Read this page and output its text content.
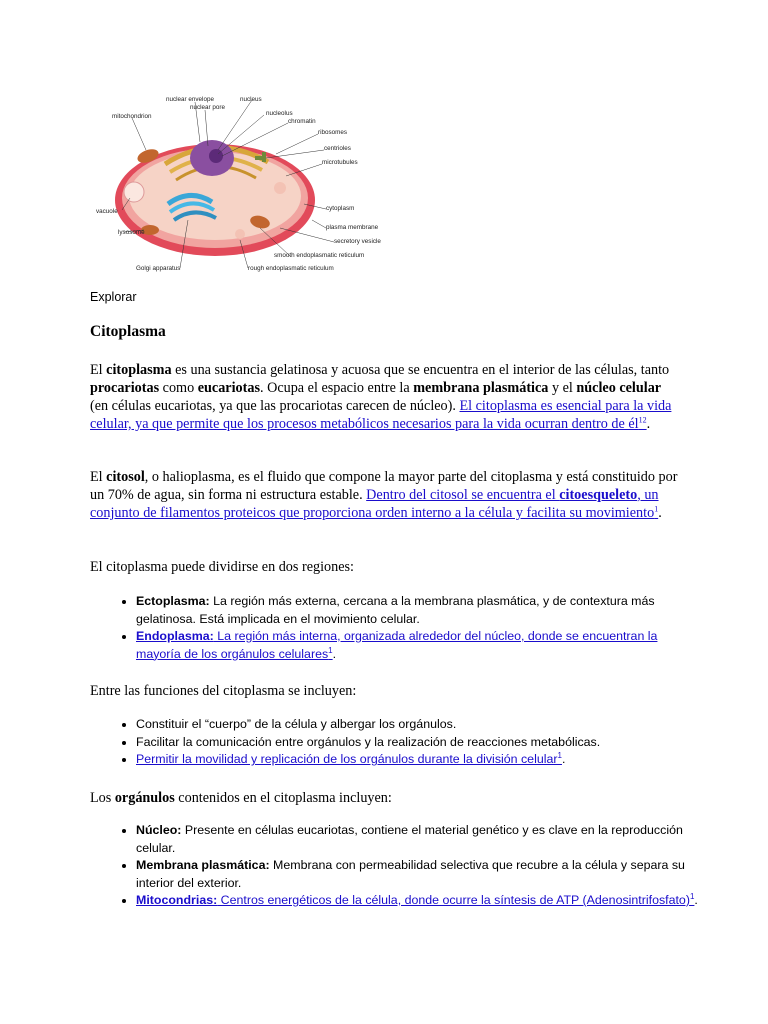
nuclear envelope	nucleus
nuclear pore
nucleolus
chromatin
mitochondrion
ribosomes
centrioles
microtubules
vacuole	cytoplasm
plasma membrane
lysosome
secretory vesicle
smooth endoplasmatic reticulum
Golgi apparatus	rough endoplasmatic reticulum
Explorar
Citoplasma

El citoplasma es una sustancia gelatinosa y acuosa que se encuentra en el interior de las células, tanto procariotas como eucariotas. Ocupa el espacio entre la membrana plasmática y el núcleo celular (en células eucariotas, ya que las procariotas carecen de núcleo). El citoplasma es esencial para la vida celular, ya que permite que los procesos metabólicos necesarios para la vida ocurran dentro de él$^{12}$.

El citosol, o halioplasma, es el fluido que compone la mayor parte del citoplasma y está constituido por un 70% de agua, sin forma ni estructura estable. Dentro del citosol se encuentra el citoesqueleto, un conjunto de filamentos proteicos que proporciona orden interno a la célula y facilita su movimiento$^1$.

El citoplasma puede dividirse en dos regiones:

• Ectoplasma: La región más externa, cercana a la membrana plasmática, y de contextura más gelatinosa. Está implicada en el movimiento celular.
• Endoplasma: La región más interna, organizada alrededor del núcleo, donde se encuentran la mayoría de los orgánulos celulares$^1$.

Entre las funciones del citoplasma se incluyen:

• Constituir el “cuerpo” de la célula y albergar los orgánulos.
• Facilitar la comunicación entre orgánulos y la realización de reacciones metabólicas.
• Permitir la movilidad y replicación de los orgánulos durante la división celular$^1$.

Los orgánulos contenidos en el citoplasma incluyen:

• Núcleo: Presente en células eucariotas, contiene el material genético y es clave en la reproducción celular.
• Membrana plasmática: Membrana con permeabilidad selectiva que recubre a la célula y separa su interior del exterior.
• Mitocondrias: Centros energéticos de la célula, donde ocurre la síntesis de ATP (Adenosintrifosfato)$^1$.
